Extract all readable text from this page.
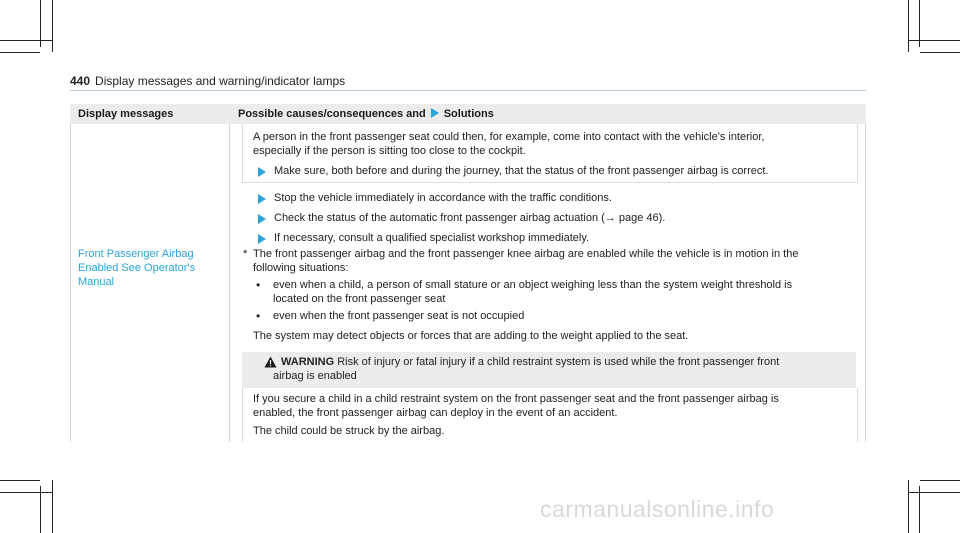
440 Display messages and warning/indicator lamps
Display messages	Possible causes/consequences and Solutions
A person in the front passenger seat could then, for example, come into contact with the vehicle's interior,
especially if the person is sitting too close to the cockpit.
Make sure, both before and during the journey, that the status of the front passenger airbag is correct.
Stop the vehicle immediately in accordance with the traffic conditions.
Check the status of the automatic front passenger airbag actuation (→ page 46).
If necessary, consult a qualified specialist workshop immediately.
Front Passenger Airbag
Enabled See Operator's
Manual
* The front passenger airbag and the front passenger knee airbag are enabled while the vehicle is in motion in the
following situations:
• even when a child, a person of small stature or an object weighing less than the system weight threshold is
located on the front passenger seat
• even when the front passenger seat is not occupied
The system may detect objects or forces that are adding to the weight applied to the seat.
WARNING Risk of injury or fatal injury if a child restraint system is used while the front passenger front
airbag is enabled
If you secure a child in a child restraint system on the front passenger seat and the front passenger airbag is
enabled, the front passenger airbag can deploy in the event of an accident.
The child could be struck by the airbag.
carmanualsonline.info
